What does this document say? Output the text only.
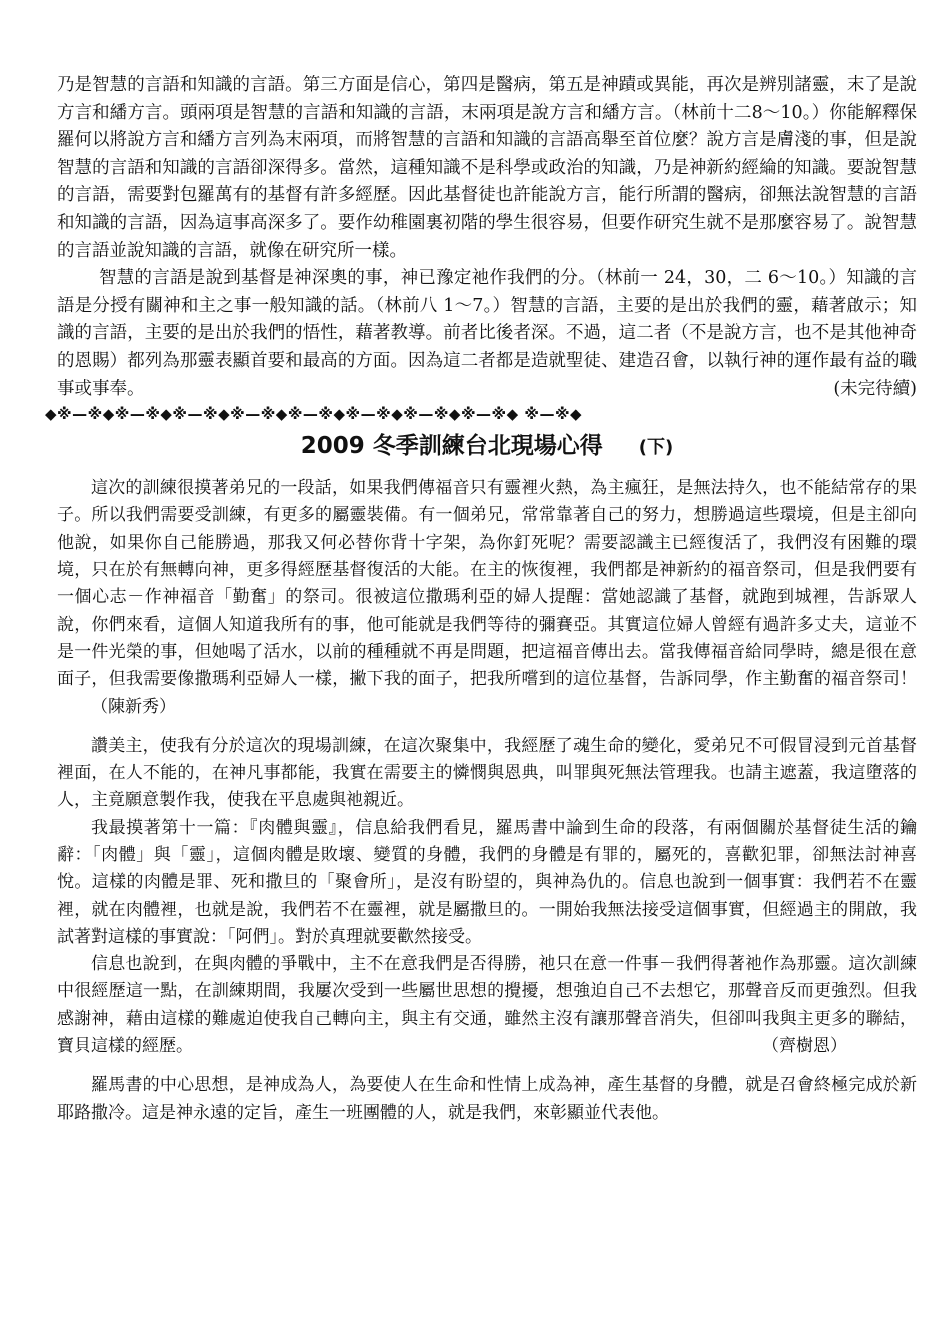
乃是智慧的言語和知識的言語。第三方面是信心，第四是醫病，第五是神蹟或異能，再次是辨別諸靈，末了是說方言和繙方言。頭兩項是智慧的言語和知識的言語，末兩項是說方言和繙方言。（林前十二8～10。）你能解釋保羅何以將說方言和繙方言列為末兩項，而將智慧的言語和知識的言語高舉至首位麼？說方言是膚淺的事，但是說智慧的言語和知識的言語卻深得多。當然，這種知識不是科學或政治的知識，乃是神新約經綸的知識。要說智慧的言語，需要對包羅萬有的基督有許多經歷。因此基督徒也許能說方言，能行所謂的醫病，卻無法說智慧的言語和知識的言語，因為這事高深多了。要作幼稚園裏初階的學生很容易，但要作研究生就不是那麼容易了。說智慧的言語並說知識的言語，就像在研究所一樣。

智慧的言語是說到基督是神深奧的事，神已豫定祂作我們的分。（林前一 24，30，二 6～10。）知識的言語是分授有關神和主之事一般知識的話。（林前八 1～7。）智慧的言語，主要的是出於我們的靈，藉著啟示；知識的言語，主要的是出於我們的悟性，藉著教導。前者比後者深。不過，這二者（不是說方言，也不是其他神奇的恩賜）都列為那靈表顯首要和最高的方面。因為這二者都是造就聖徒、建造召會，以執行神的運作最有益的職事或事奉。	(未完待續)

◆※—※◆※—※◆※—※◆※—※◆※—※◆※—※◆※—※◆※—※◆ ※—※◆
2009 冬季訓練台北現場心得 (下)

這次的訓練很摸著弟兄的一段話，如果我們傳福音只有靈裡火熱，為主瘋狂，是無法持久，也不能結常存的果子。所以我們需要受訓練，有更多的屬靈裝備。有一個弟兄，常常靠著自己的努力，想勝過這些環境，但是主卻向他說，如果你自己能勝過，那我又何必替你背十字架，為你釘死呢？需要認識主已經復活了，我們沒有困難的環境，只在於有無轉向神，更多得經歷基督復活的大能。在主的恢復裡，我們都是神新約的福音祭司，但是我們要有一個心志－作神福音「勤奮」的祭司。很被這位撒瑪利亞的婦人提醒：當她認識了基督，就跑到城裡，告訴眾人說，你們來看，這個人知道我所有的事，他可能就是我們等待的彌賽亞。其實這位婦人曾經有過許多丈夫，這並不是一件光榮的事，但她喝了活水，以前的種種就不再是問題，把這福音傳出去。當我傳福音給同學時，總是很在意面子，但我需要像撒瑪利亞婦人一樣，撇下我的面子，把我所嚐到的這位基督，告訴同學，作主勤奮的福音祭司！  （陳新秀）

讚美主，使我有分於這次的現場訓練，在這次聚集中，我經歷了魂生命的變化，愛弟兄不可假冒浸到元首基督裡面，在人不能的，在神凡事都能，我實在需要主的憐憫與恩典，叫罪與死無法管理我。也請主遮蓋，我這墮落的人，主竟願意製作我，使我在平息處與祂親近。

我最摸著第十一篇：『肉體與靈』，信息給我們看見，羅馬書中論到生命的段落，有兩個關於基督徒生活的鑰辭：「肉體」與「靈」，這個肉體是敗壞、變質的身體，我們的身體是有罪的，屬死的，喜歡犯罪，卻無法討神喜悅。這樣的肉體是罪、死和撒旦的「聚會所」，是沒有盼望的，與神為仇的。信息也說到一個事實：我們若不在靈裡，就在肉體裡，也就是說，我們若不在靈裡，就是屬撒旦的。一開始我無法接受這個事實，但經過主的開啟，我試著對這樣的事實說：「阿們」。對於真理就要歡然接受。

信息也說到，在與肉體的爭戰中，主不在意我們是否得勝，祂只在意一件事－我們得著祂作為那靈。這次訓練中很經歷這一點，在訓練期間，我屢次受到一些屬世思想的攪擾，想強迫自己不去想它，那聲音反而更強烈。但我感謝神，藉由這樣的難處迫使我自己轉向主，與主有交通，雖然主沒有讓那聲音消失，但卻叫我與主更多的聯結，寶貝這樣的經歷。	（齊樹恩）

羅馬書的中心思想，是神成為人，為要使人在生命和性情上成為神，產生基督的身體，就是召會終極完成於新耶路撒冷。這是神永遠的定旨，產生一班團體的人，就是我們，來彰顯並代表他。
